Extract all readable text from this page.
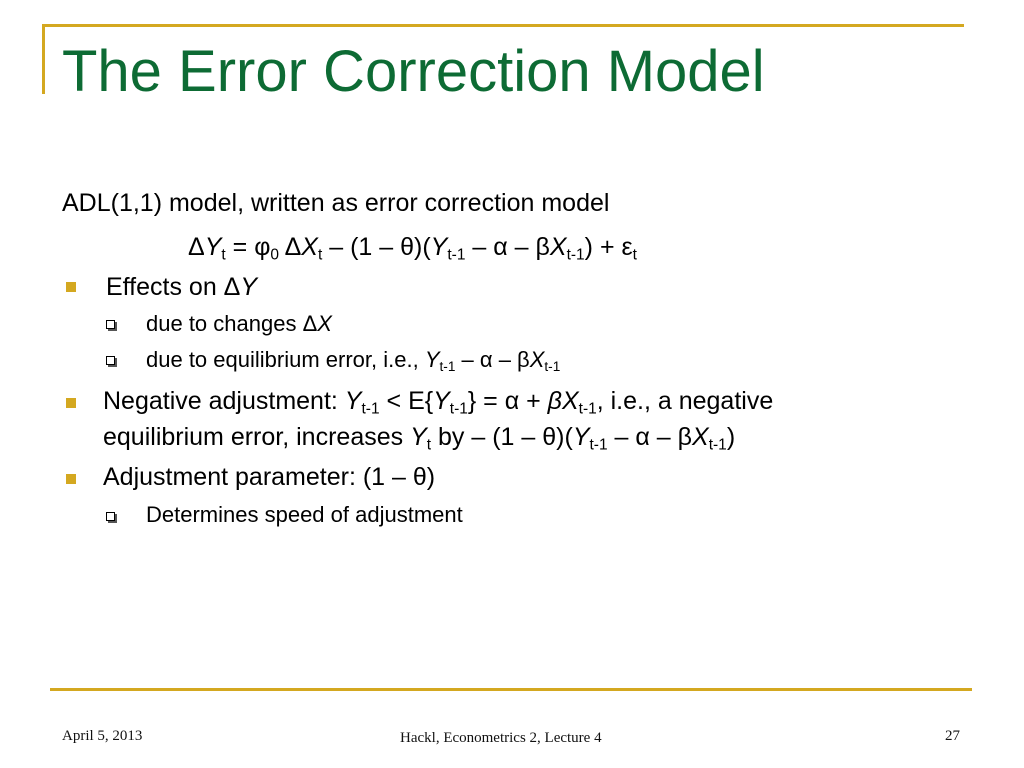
The Error Correction Model
ADL(1,1) model, written as error correction model
$\Delta Y_t = \varphi_0$ $\Delta X_t - (1 - \theta)(Y_{t-1} - \alpha - \beta X_{t-1}) + \varepsilon_t$
Effects on ΔY
due to changes ΔX
due to equilibrium error, i.e., $Y_{t-1}$ – α – $\beta X_{t-1}$
Negative adjustment: $Y_{t-1} < E\{Y_{t-1}\} = \alpha + \beta X_{t-1}$, i.e., a negative
equilibrium error, increases $Y_t$ by – $(1 - \theta)(Y_{t-1}$ – α – $\beta X_{t-1}$)
Adjustment parameter: (1 – θ)
Determines speed of adjustment
April 5, 2013	Hackl, Econometrics 2, Lecture 4	27
